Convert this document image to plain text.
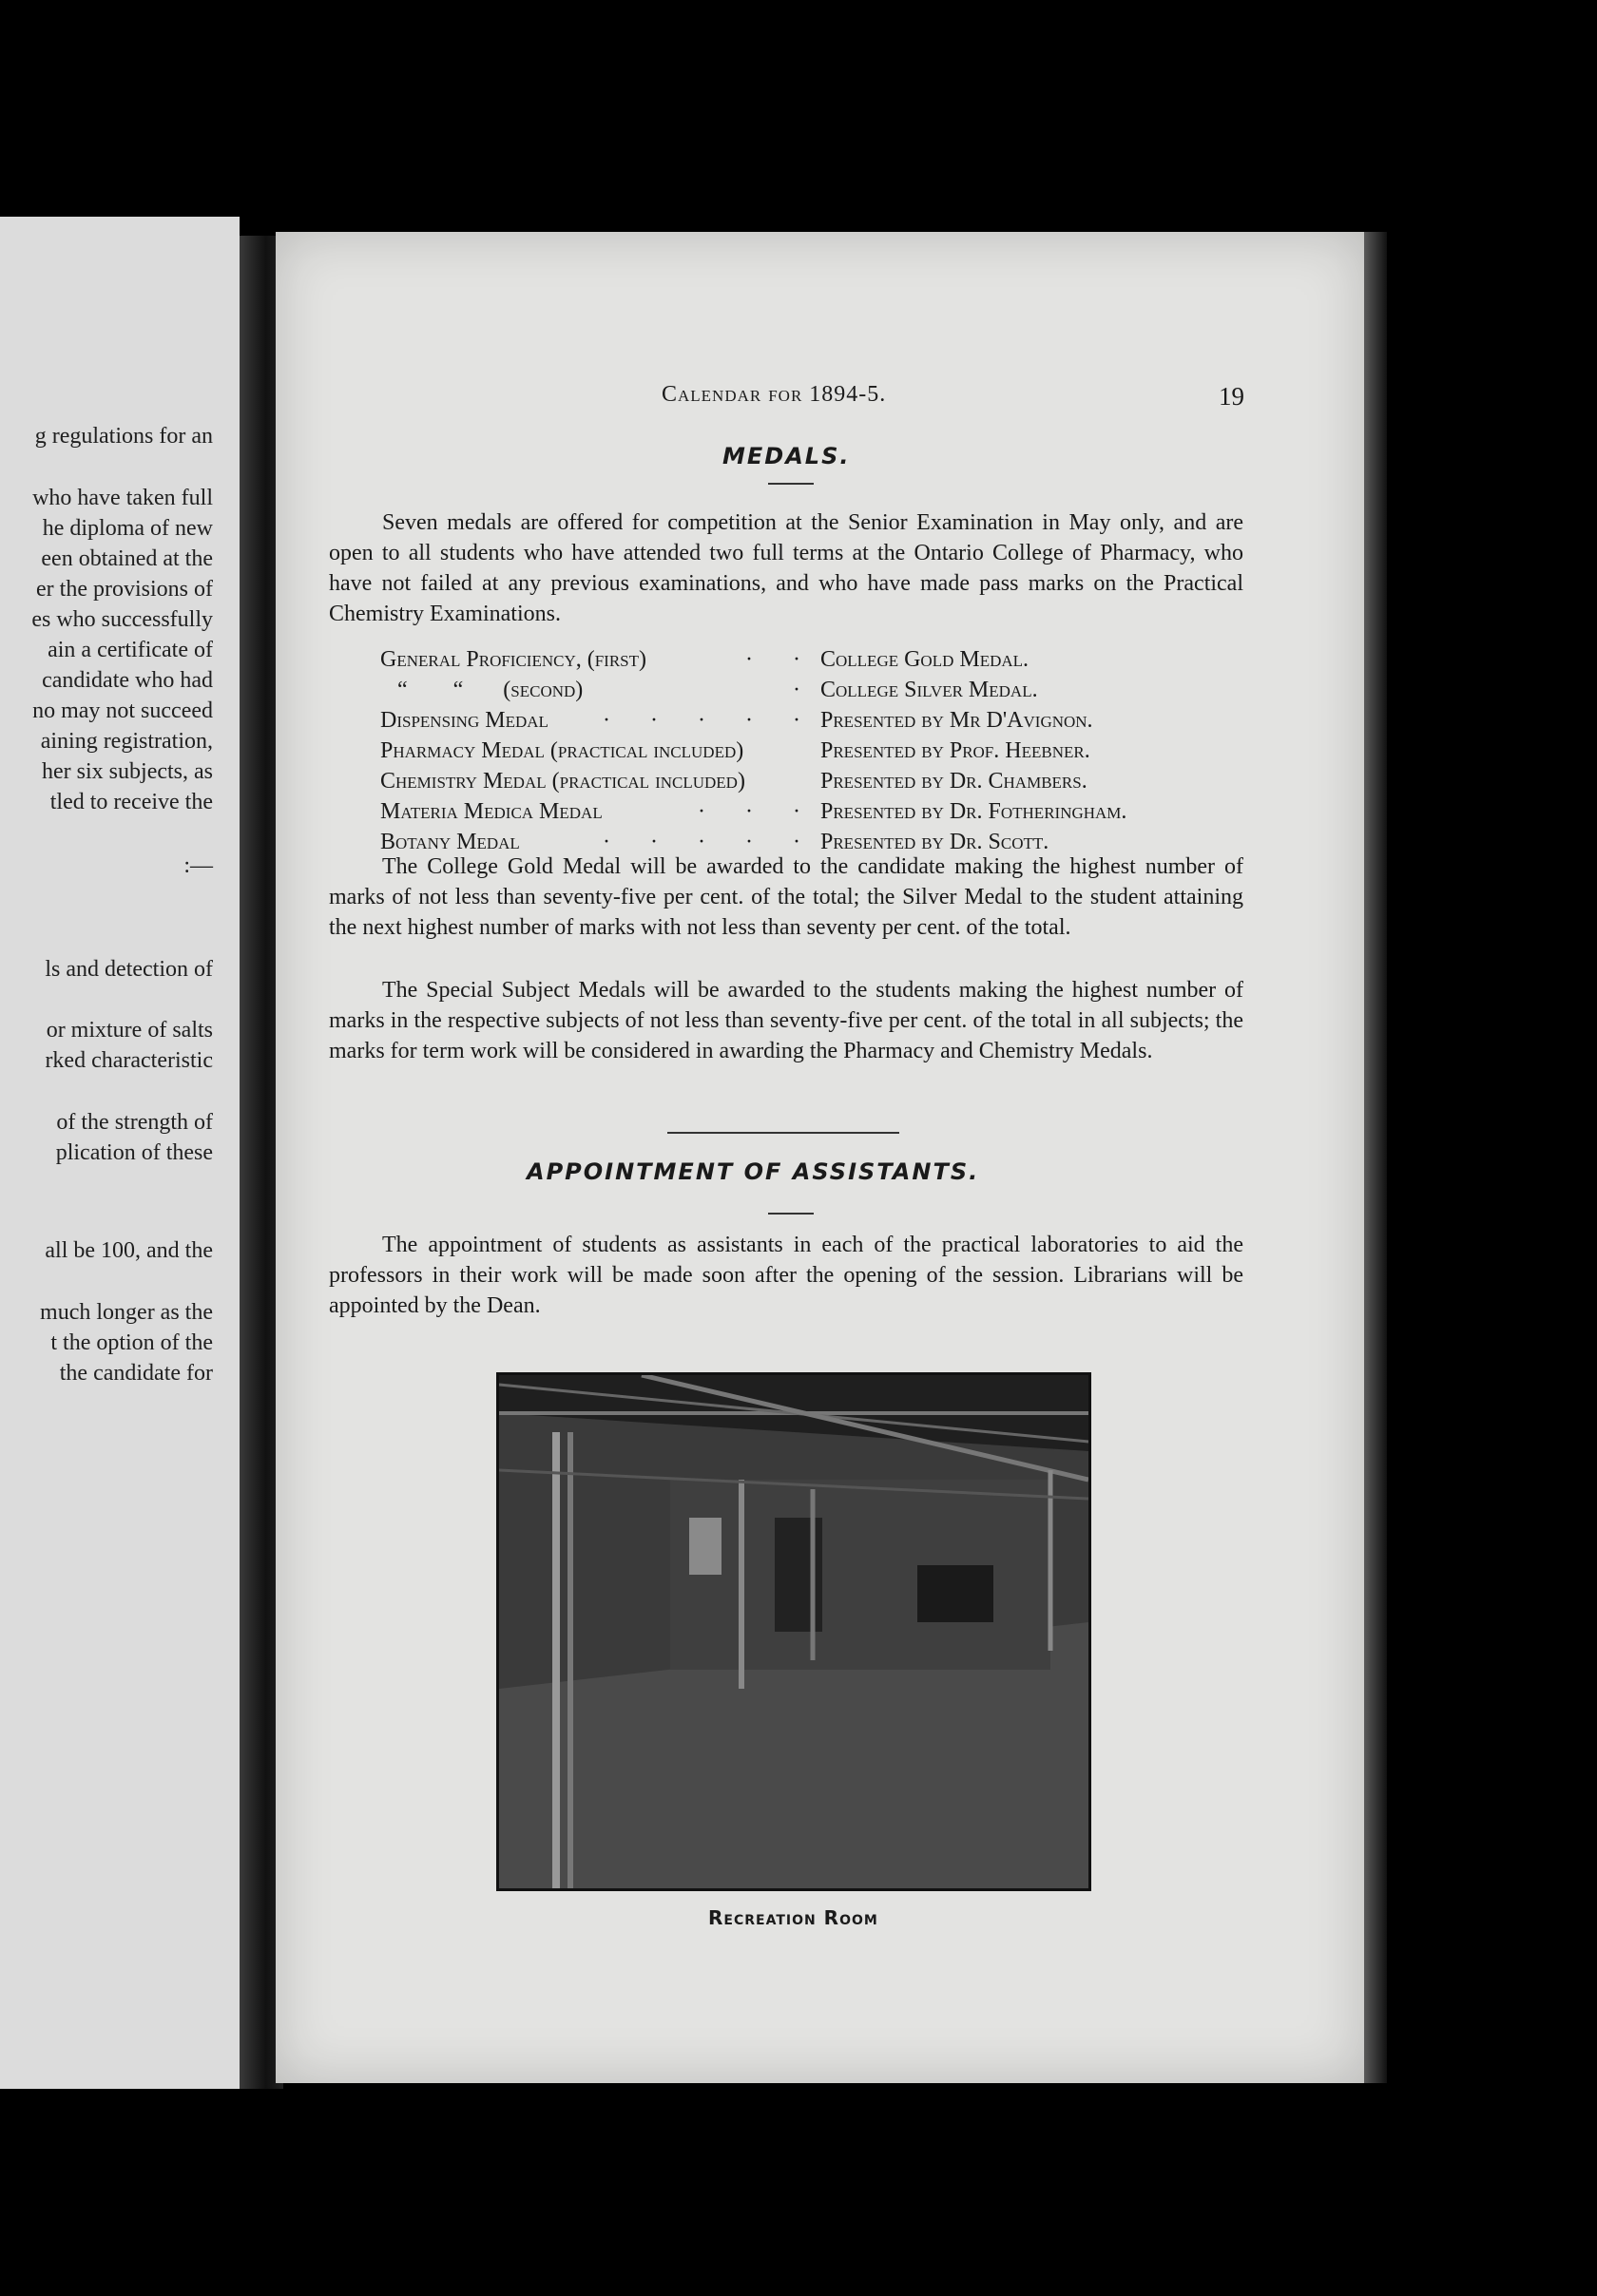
g regulations for an
who have taken full
he diploma of new
een obtained at the
er the provisions of
es who successfully
ain a certificate of
candidate who had
no may not succeed
aining registration,
her six subjects, as
tled to receive the
:—
ls and detection of
or mixture of salts
rked characteristic
of the strength of
plication of these
all be 100, and the
much longer as the
t the option of the
the candidate for
Calendar for 1894-5.	19
MEDALS.

Seven medals are offered for competition at the Senior Examination in May only, and are open to all students who have attended two full terms at the Ontario College of Pharmacy, who have not failed at any previous examinations, and who have made pass marks on the Practical Chemistry Examinations.

General Proficiency, (first)	· · College Gold Medal.
“        “       (second)	· College Silver Medal.
Dispensing Medal	· · · · · Presented by Mr D'Avignon.
Pharmacy Medal (practical included)	Presented by Prof. Heebner.
Chemistry Medal (practical included)	Presented by Dr. Chambers.
Materia Medica Medal	· · · Presented by Dr. Fotheringham.
Botany Medal	· · · · · Presented by Dr. Scott.

The College Gold Medal will be awarded to the candidate making the highest number of marks of not less than seventy-five per cent. of the total; the Silver Medal to the student attaining the next highest number of marks with not less than seventy per cent. of the total.

The Special Subject Medals will be awarded to the students making the highest number of marks in the respective subjects of not less than seventy-five per cent. of the total in all subjects; the marks for term work will be considered in awarding the Pharmacy and Chemistry Medals.

APPOINTMENT OF ASSISTANTS.

The appointment of students as assistants in each of the practical laboratories to aid the professors in their work will be made soon after the opening of the session. Librarians will be appointed by the Dean.

Recreation Room
